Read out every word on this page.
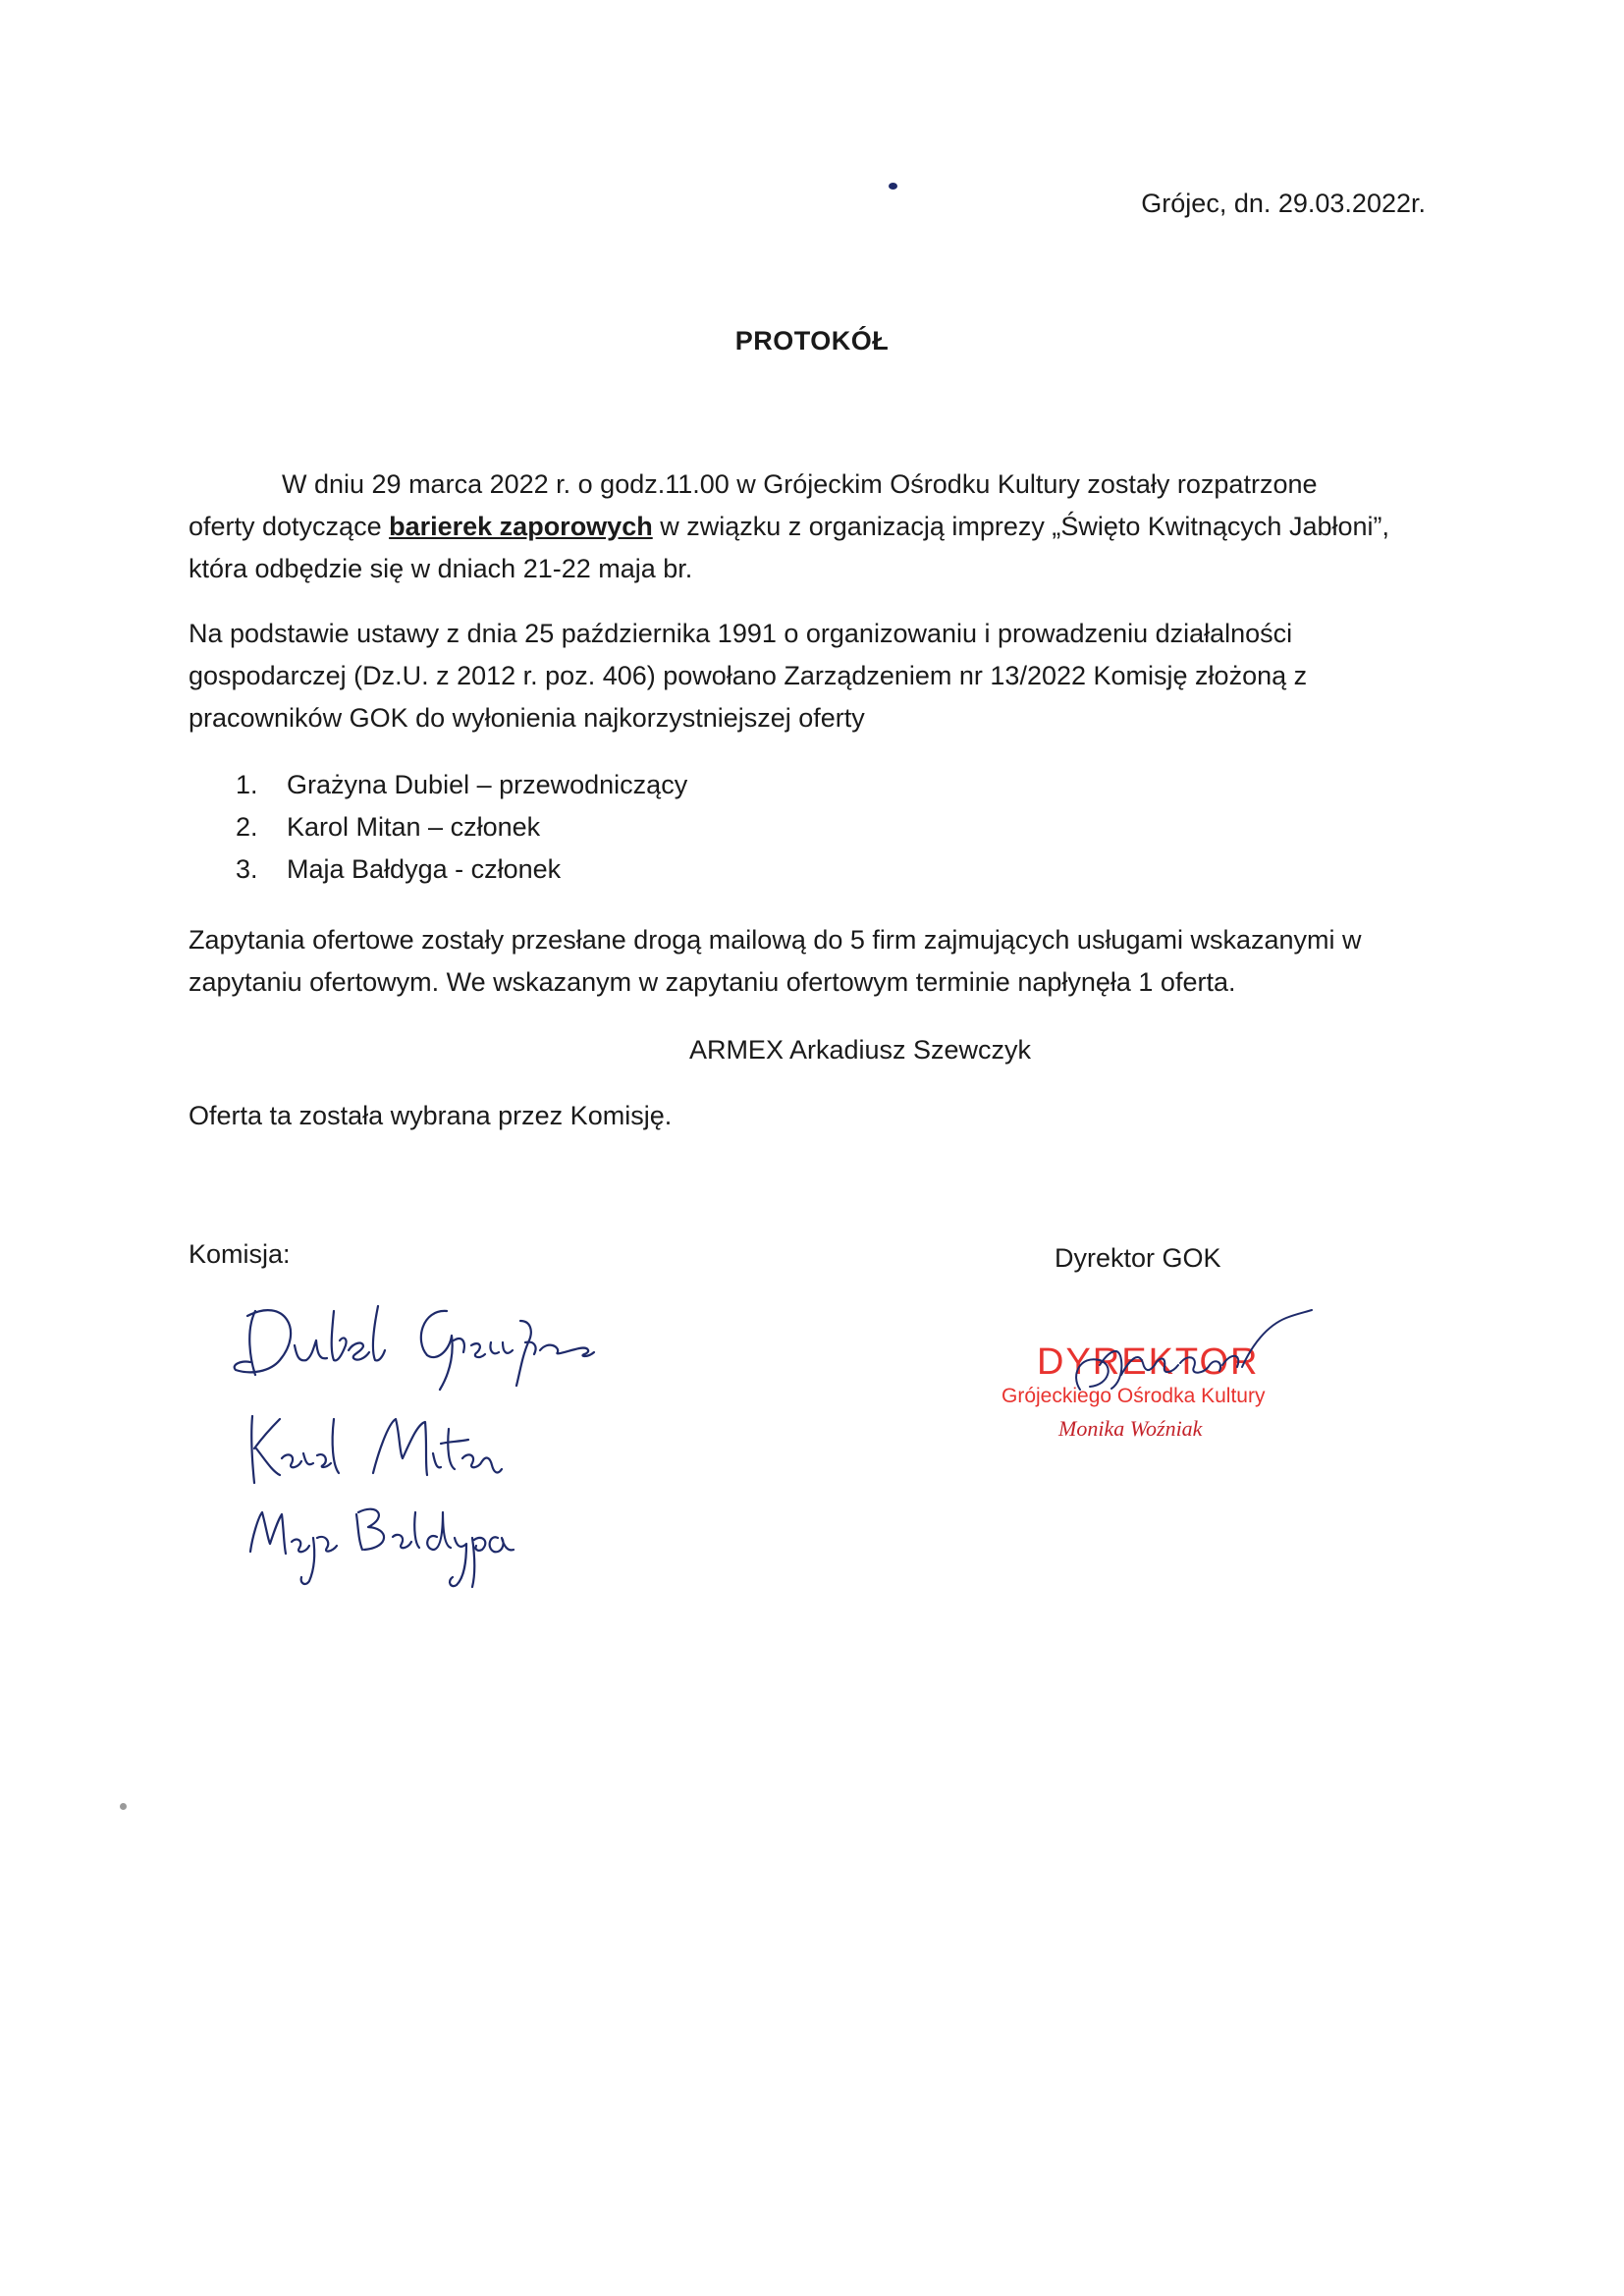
Grójec, dn. 29.03.2022r.
PROTOKÓŁ
W dniu 29 marca 2022 r. o godz.11.00 w Grójeckim Ośrodku Kultury zostały rozpatrzone
oferty dotyczące barierek zaporowych w związku z organizacją imprezy „Święto Kwitnących Jabłoni”,
która odbędzie się w dniach 21-22 maja br.
Na podstawie ustawy z dnia 25 października 1991 o organizowaniu i prowadzeniu działalności
gospodarczej (Dz.U. z 2012 r. poz. 406) powołano Zarządzeniem nr 13/2022 Komisję złożoną z
pracowników GOK do wyłonienia najkorzystniejszej oferty
1. Grażyna Dubiel – przewodniczący
2. Karol Mitan – członek
3. Maja Bałdyga - członek
Zapytania ofertowe zostały przesłane drogą mailową do 5 firm zajmujących usługami wskazanymi w
zapytaniu ofertowym. We wskazanym w zapytaniu ofertowym terminie napłynęła 1 oferta.
ARMEX Arkadiusz Szewczyk
Oferta ta została wybrana przez Komisję.
Komisja:	Dyrektor GOK
DYREKTOR
Grójeckiego Ośrodka Kultury
Monika Woźniak
